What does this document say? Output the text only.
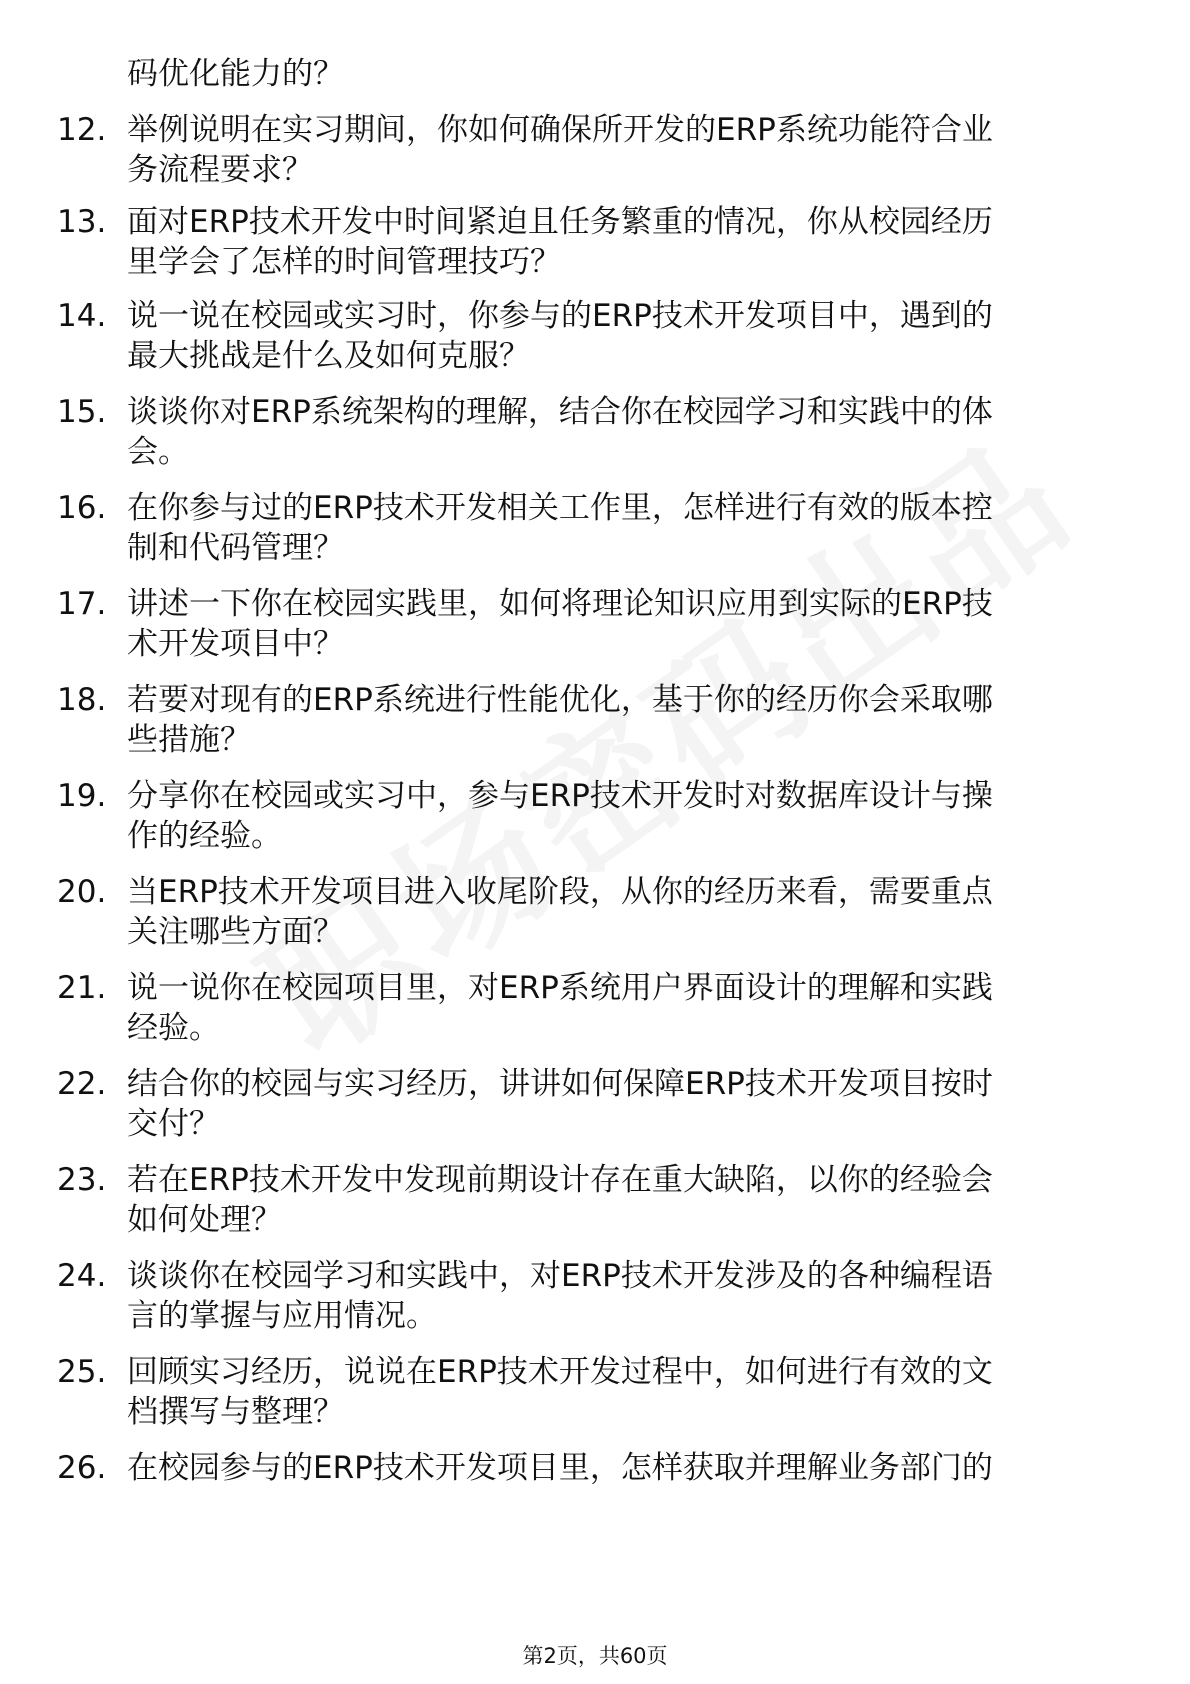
码优化能力的？
12. 举例说明在实习期间，你如何确保所开发的ERP系统功能符合业
务流程要求？
13. 面对ERP技术开发中时间紧迫且任务繁重的情况，你从校园经历
里学会了怎样的时间管理技巧？
14. 说一说在校园或实习时，你参与的ERP技术开发项目中，遇到的
最大挑战是什么及如何克服？
15. 谈谈你对ERP系统架构的理解，结合你在校园学习和实践中的体
会。
16. 在你参与过的ERP技术开发相关工作里，怎样进行有效的版本控
制和代码管理？
17. 讲述一下你在校园实践里，如何将理论知识应用到实际的ERP技
术开发项目中？
18. 若要对现有的ERP系统进行性能优化，基于你的经历你会采取哪
些措施？
19. 分享你在校园或实习中，参与ERP技术开发时对数据库设计与操
作的经验。
20. 当ERP技术开发项目进入收尾阶段，从你的经历来看，需要重点
关注哪些方面？
21. 说一说你在校园项目里，对ERP系统用户界面设计的理解和实践
经验。
22. 结合你的校园与实习经历，讲讲如何保障ERP技术开发项目按时
交付？
23. 若在ERP技术开发中发现前期设计存在重大缺陷，以你的经验会
如何处理？
24. 谈谈你在校园学习和实践中，对ERP技术开发涉及的各种编程语
言的掌握与应用情况。
25. 回顾实习经历，说说在ERP技术开发过程中，如何进行有效的文
档撰写与整理？
26. 在校园参与的ERP技术开发项目里，怎样获取并理解业务部门的
第2页，共60页
